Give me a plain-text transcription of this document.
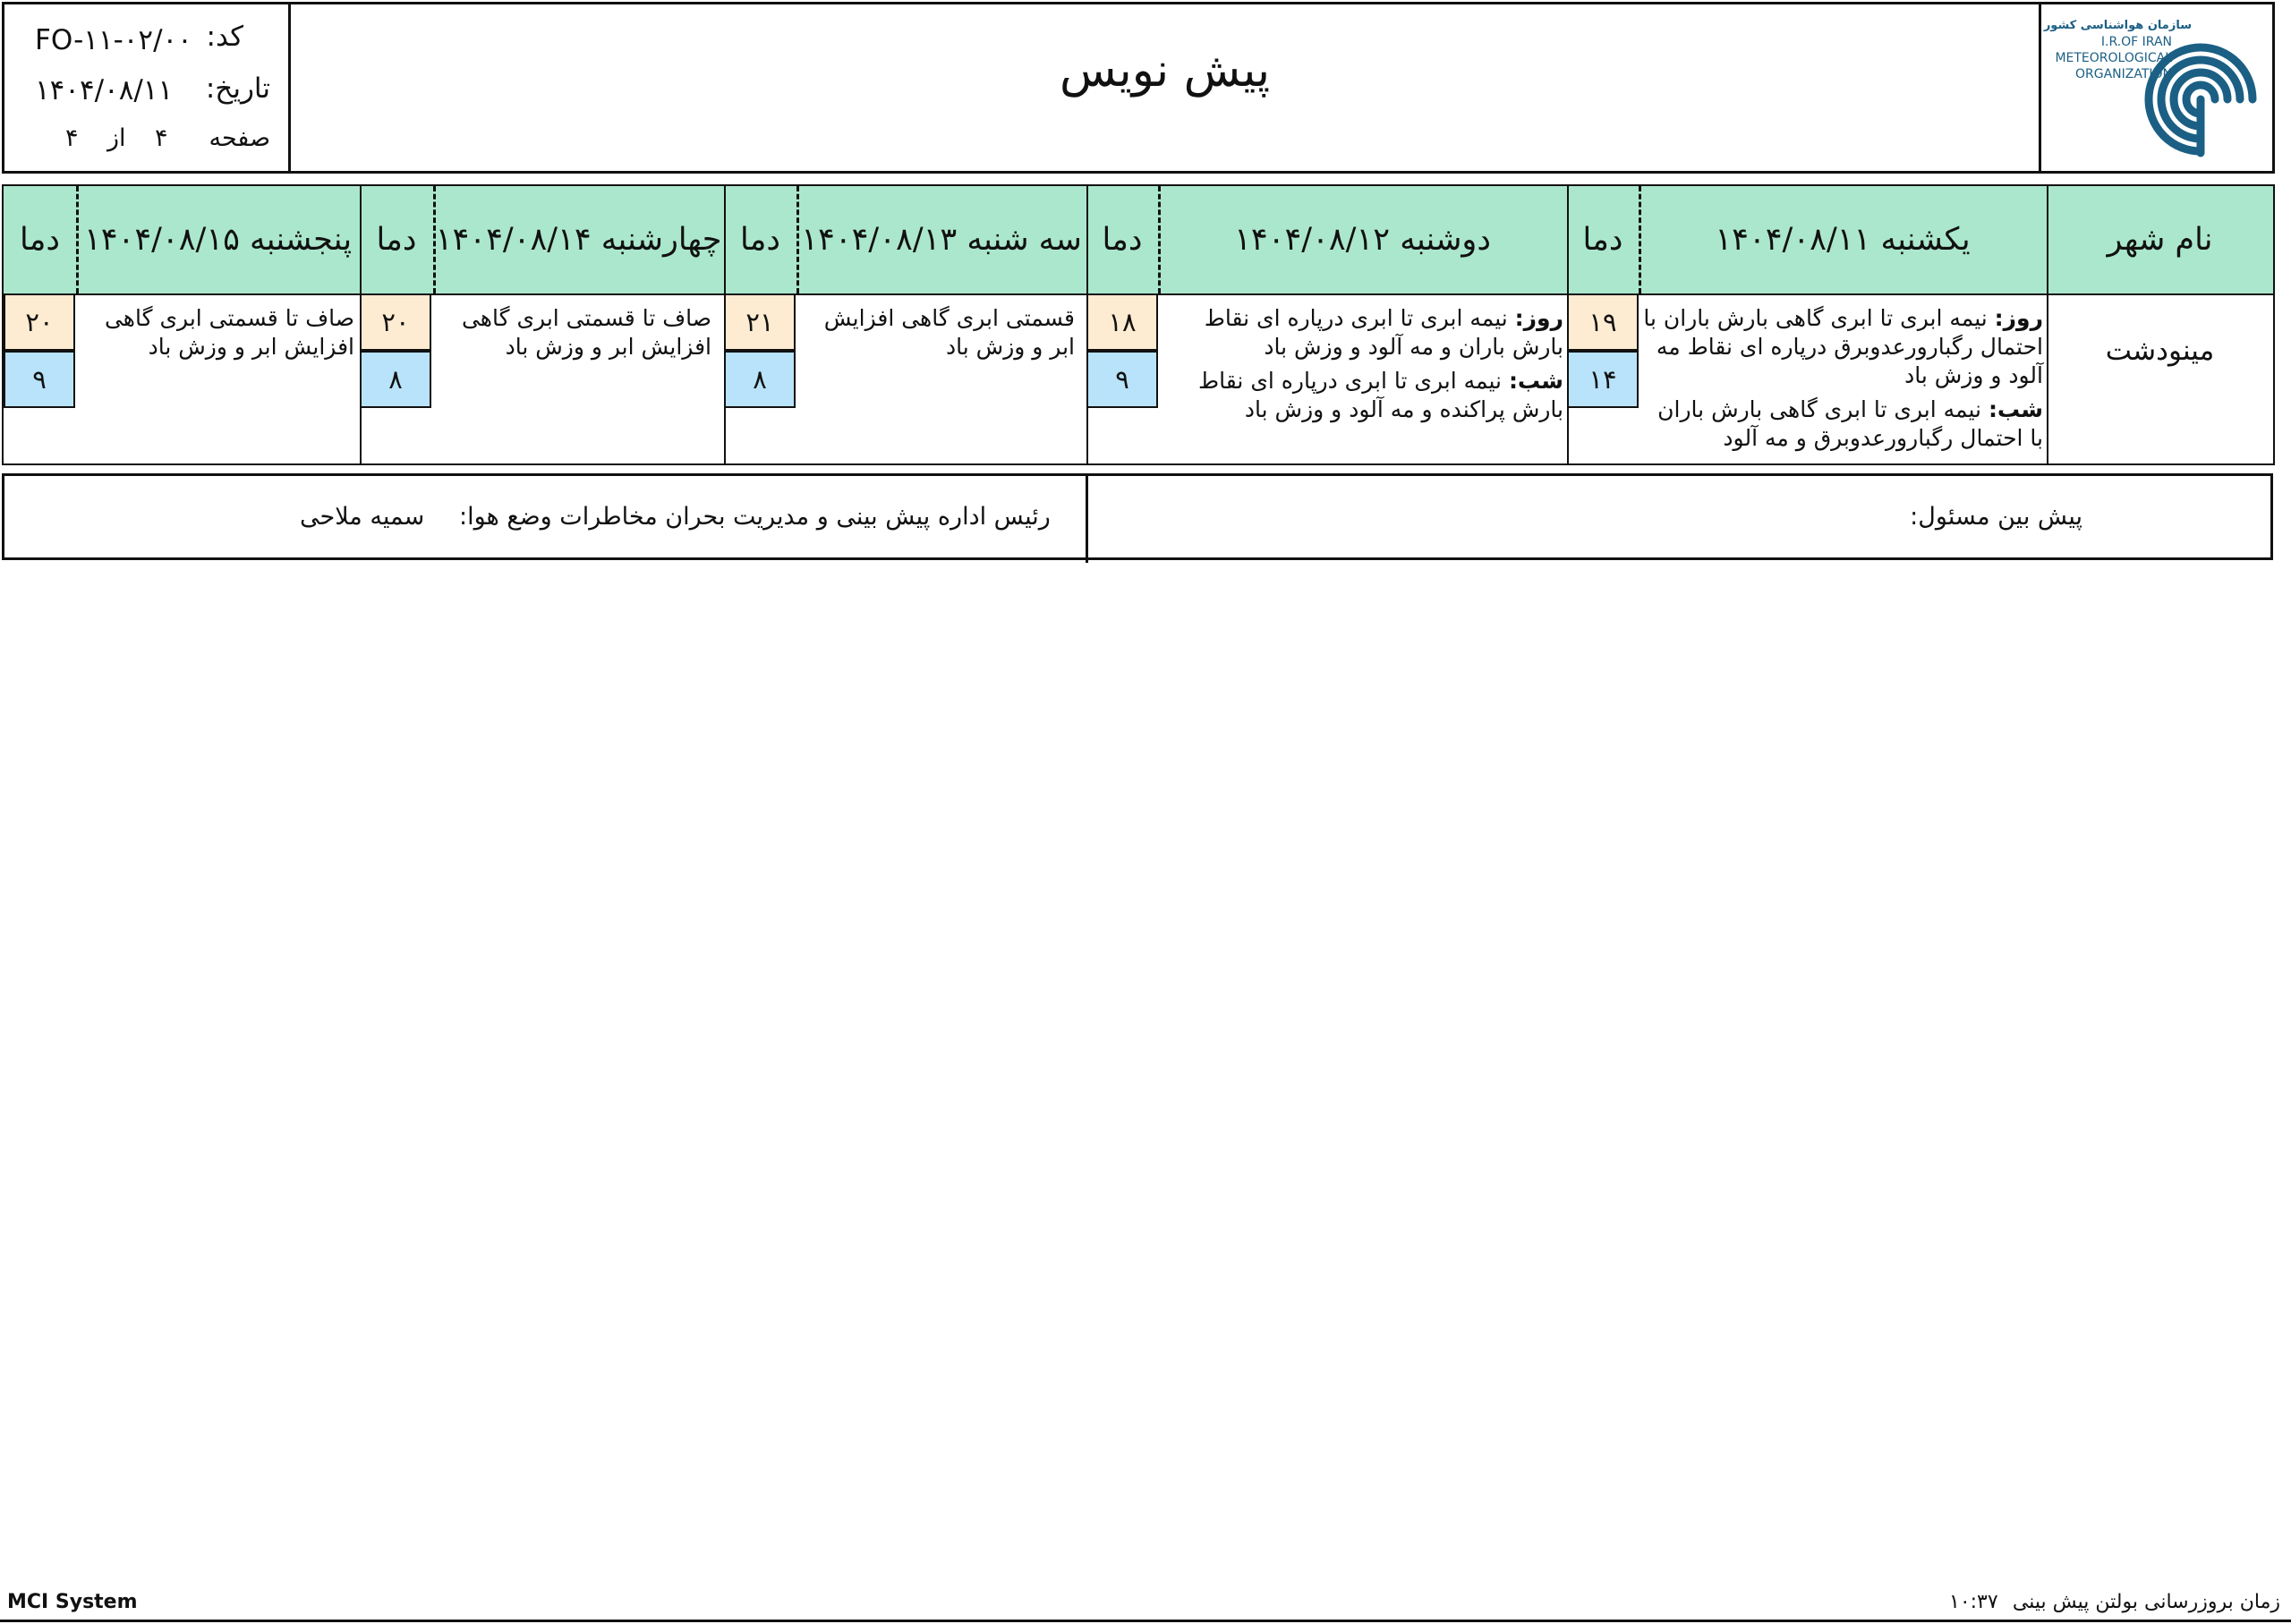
کد:
FO-۱۱-۰۲/۰۰
تاریخ:
۱۴۰۴/۰۸/۱۱
صفحه
۴
از
۴
پیش نویس
سازمان هواشناسی کشور
I.R.OF IRAN
METEOROLOGICAL
ORGANIZATION
نام شهر
یکشنبه ۱۴۰۴/۰۸/۱۱
دما
دوشنبه ۱۴۰۴/۰۸/۱۲
دما
سه شنبه ۱۴۰۴/۰۸/۱۳
دما
چهارشنبه ۱۴۰۴/۰۸/۱۴
دما
پنجشنبه ۱۴۰۴/۰۸/۱۵
دما
مینودشت
روز: نیمه ابری تا ابری گاهی بارش باران با احتمال رگبارورعدوبرق درپاره ای نقاط مه آلود و وزش باد
شب: نیمه ابری تا ابری گاهی بارش باران با احتمال رگبارورعدوبرق و مه آلود
۱۹
۱۴
روز: نیمه ابری تا ابری درپاره ای نقاط بارش باران و مه آلود و وزش باد
شب: نیمه ابری تا ابری درپاره ای نقاط بارش پراکنده و مه آلود و وزش باد
۱۸
۹
قسمتی ابری گاهی افزایش ابر و وزش باد
۲۱
۸
صاف تا قسمتی ابری گاهی افزایش ابر و وزش باد
۲۰
۸
صاف تا قسمتی ابری گاهی افزایش ابر و وزش باد
۲۰
۹
پیش بین مسئول:
رئیس اداره پیش بینی و مدیریت بحران مخاطرات وضع هوا:
سمیه ملاحی
MCI System	زمان بروزرسانی بولتن پیش بینی
۱۰:۳۷
